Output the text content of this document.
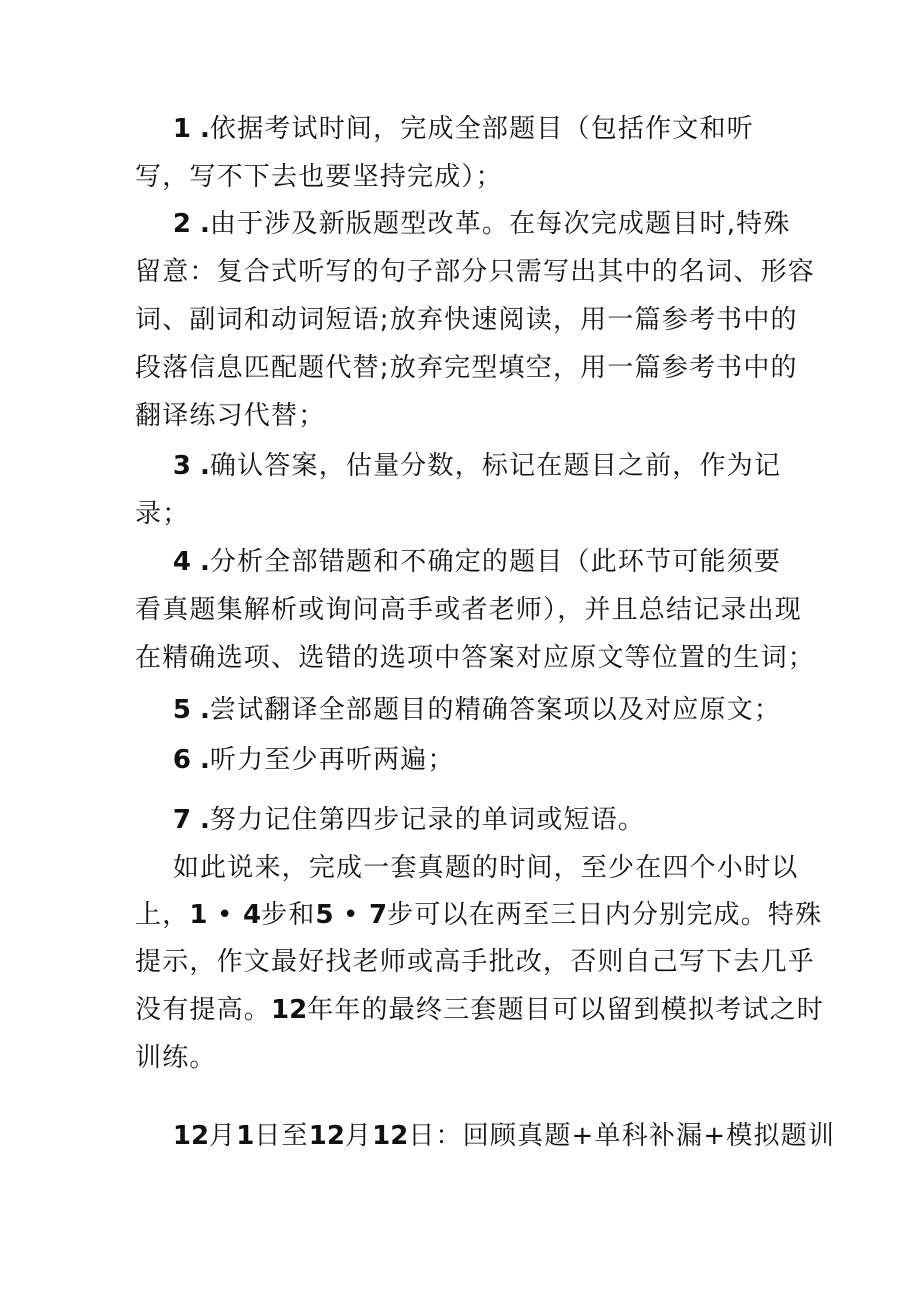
1 .依据考试时间，完成全部题目（包括作文和听

写，写不下去也要坚持完成）；

2 .由于涉及新版题型改革。在每次完成题目时,特殊

留意：复合式听写的句子部分只需写出其中的名词、形容

词、副词和动词短语;放弃快速阅读，用一篇参考书中的

段落信息匹配题代替;放弃完型填空，用一篇参考书中的

翻译练习代替；

3 .确认答案，估量分数，标记在题目之前，作为记

录；

4 .分析全部错题和不确定的题目（此环节可能须要

看真题集解析或询问高手或者老师），并且总结记录出现

在精确选项、选错的选项中答案对应原文等位置的生词；

5 .尝试翻译全部题目的精确答案项以及对应原文；

6 .听力至少再听两遍；

7 .努力记住第四步记录的单词或短语。

如此说来，完成一套真题的时间，至少在四个小时以

上，1 • 4步和5 • 7步可以在两至三日内分别完成。特殊

提示，作文最好找老师或高手批改，否则自己写下去几乎

没有提高。12年年的最终三套题目可以留到模拟考试之时

训练。

12月1日至12月12日：回顾真题+单科补漏+模拟题训
